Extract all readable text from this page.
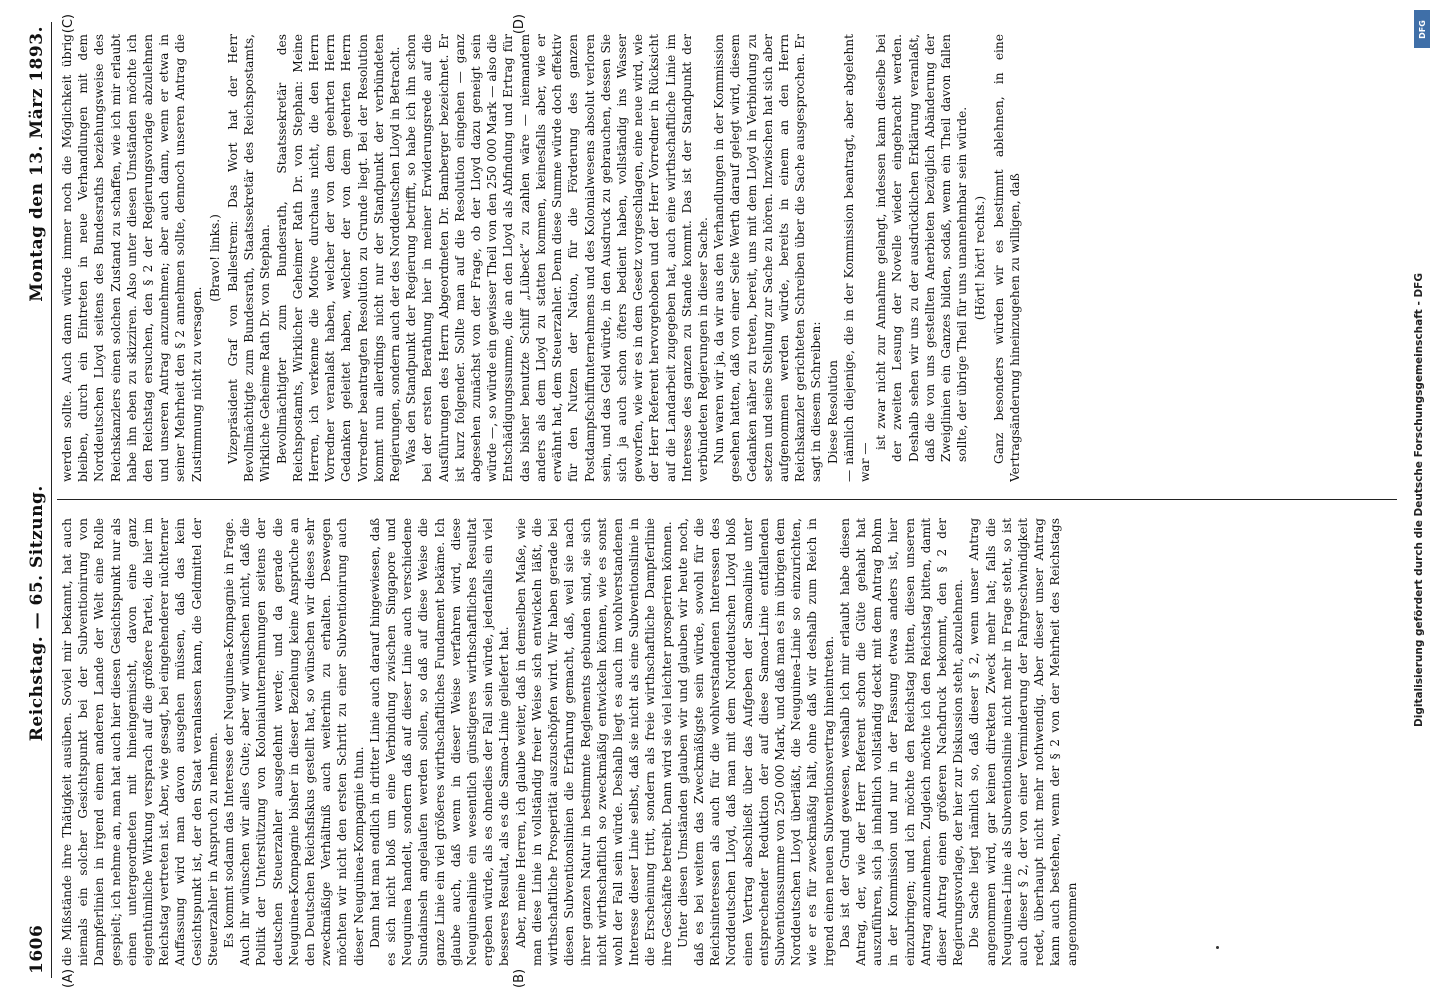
1606
Reichstag. — 65. Sitzung.
Montag den 13. März 1893.
(A)	(B)
(C)	(D)

die Mißstände ihre Thätigkeit ausüben. Soviel mir bekannt, hat auch niemals ein solcher Gesichtspunkt bei der Subventionirung von Dampferlinien in irgend einem anderen Lande der Welt eine Rolle gespielt; ich nehme an, man hat auch hier diesen Gesichtspunkt nur als einen untergeordneten mit hineingemischt, davon eine ganz eigenthümliche Wirkung versprach auf die größere Partei, die hier im Reichstag vertreten ist. Aber, wie gesagt, bei eingehenderer nüchterner Auffassung wird man davon ausgehen müssen, daß das kein Gesichtspunkt ist, der den Staat veranlassen kann, die Geldmittel der Steuerzahler in Anspruch zu nehmen. Es kommt sodann das Interesse der Neuguinea-Kompagnie in Frage. Auch ihr wünschen wir alles Gute; aber wir wünschen nicht, daß die Politik der Unterstützung von Kolonialunternehmungen seitens der deutschen Steuerzahler ausgedehnt werde; und da gerade die Neuguinea-Kompagnie bisher in dieser Beziehung keine Ansprüche an den Deutschen Reichsfiskus gestellt hat, so wünschen wir dieses sehr zweckmäßige Verhältniß auch weiterhin zu erhalten. Deswegen möchten wir nicht den ersten Schritt zu einer Subventionirung auch dieser Neuguinea-Kompagnie thun. Dann hat man endlich in dritter Linie auch darauf hingewiesen, daß es sich nicht bloß um eine Verbindung zwischen Singapore und Neuguinea handelt, sondern daß auf dieser Linie auch verschiedene Sundainseln angelaufen werden sollen, so daß auf diese Weise die ganze Linie ein viel größeres wirthschaftliches Fundament bekäme. Ich glaube auch, daß wenn in dieser Weise verfahren wird, diese Neuguinealinie ein wesentlich günstigeres wirthschaftliches Resultat ergeben würde, als es ohnedies der Fall sein würde, jedenfalls ein viel besseres Resultat, als es die Samoa-Linie geliefert hat. Aber, meine Herren, ich glaube weiter, daß in demselben Maße, wie man diese Linie in vollständig freier Weise sich entwickeln läßt, die wirthschaftliche Prosperität auszuschöpfen wird. Wir haben gerade bei diesen Subventionslinien die Erfahrung gemacht, daß, weil sie nach ihrer ganzen Natur in bestimmte Reglements gebunden sind, sie sich nicht wirthschaftlich so zweckmäßig entwickeln können, wie es sonst wohl der Fall sein würde. Deshalb liegt es auch im wohlverstandenen Interesse dieser Linie selbst, daß sie nicht als eine Subventionslinie in die Erscheinung tritt, sondern als freie wirthschaftliche Dampferlinie ihre Geschäfte betreibt. Dann wird sie viel leichter prosperiren können. Unter diesen Umständen glauben wir und glauben wir heute noch, daß es bei weitem das Zweckmäßigste sein würde, sowohl für die Reichsinteressen als auch für die wohlverstandenen Interessen des Norddeutschen Lloyd, daß man mit dem Norddeutschen Lloyd bloß einen Vertrag abschließt über das Aufgeben der Samoalinie unter entsprechender Reduktion der auf diese Samoa-Linie entfallenden Subventionssumme von 250 000 Mark, und daß man es im übrigen dem Norddeutschen Lloyd überläßt, die Neuguinea-Linie so einzurichten, wie er es für zweckmäßig hält, ohne daß wir deshalb zum Reich in irgend einen neuen Subventionsvertrag hineintreten. Das ist der Grund gewesen, weshalb ich mir erlaubt habe diesen Antrag, der, wie der Herr Referent schon die Güte gehabt hat auszuführen, sich ja inhaltlich vollständig deckt mit dem Antrag Bohm in der Kommission und nur in der Fassung etwas anders ist, hier einzubringen; und ich möchte den Reichstag bitten, diesen unseren Antrag anzunehmen. Zugleich möchte ich den Reichstag bitten, damit dieser Antrag einen größeren Nachdruck bekommt, den § 2 der Regierungsvorlage, der hier zur Diskussion steht, abzulehnen. Die Sache liegt nämlich so, daß dieser § 2, wenn unser Antrag angenommen wird, gar keinen direkten Zweck mehr hat; falls die Neuguinea-Linie als Subventionslinie nicht mehr in Frage steht, so ist auch dieser § 2, der von einer Verminderung der Fahrgeschwindigkeit redet, überhaupt nicht mehr nothwendig. Aber dieser unser Antrag kann auch bestehen, wenn der § 2 von der Mehrheit des Reichstags angenommen

werden sollte. Auch dann würde immer noch die Möglichkeit übrig bleiben, durch ein Eintreten in neue Verhandlungen mit dem Norddeutschen Lloyd seitens des Bundesraths beziehungsweise des Reichskanzlers einen solchen Zustand zu schaffen, wie ich mir erlaubt habe ihn eben zu skizziren. Also unter diesen Umständen möchte ich den Reichstag ersuchen, den § 2 der Regierungsvorlage abzulehnen und unseren Antrag anzunehmen; aber auch dann, wenn er etwa in seiner Mehrheit den § 2 annehmen sollte, dennoch unseren Antrag die Zustimmung nicht zu versagen.

(Bravo! links.) Vizepräsident Graf von Ballestrem: Das Wort hat der Herr Bevollmächtigte zum Bundesrath, Staatssekretär des Reichspostamts, Wirkliche Geheime Rath Dr. von Stephan. Bevollmächtigter zum Bundesrath, Staatssekretär des Reichspostamts, Wirklicher Geheimer Rath Dr. von Stephan: Meine Herren, ich verkenne die Motive durchaus nicht, die den Herrn Vorredner veranlaßt haben, welcher der von dem geehrten Herrn Gedanken geleitet haben, welcher der von dem geehrten Herrn Vorredner beantragten Resolution zu Grunde liegt. Bei der Resolution kommt nun allerdings nicht nur der Standpunkt der verbündeten Regierungen, sondern auch der des Norddeutschen Lloyd in Betracht. Was den Standpunkt der Regierung betrifft, so habe ich ihn schon bei der ersten Berathung hier in meiner Erwiderungsrede auf die Ausführungen des Herrn Abgeordneten Dr. Bamberger bezeichnet. Er ist kurz folgender. Sollte man auf die Resolution eingehen — ganz abgesehen zunächst von der Frage, ob der Lloyd dazu geneigt sein würde —, so würde ein gewisser Theil von den 250 000 Mark — also die Entschädigungssumme, die an den Lloyd als Abfindung und Ertrag für das bisher benutzte Schiff „Lübeck“ zu zahlen wäre — niemandem anders als dem Lloyd zu statten kommen, keinesfalls aber, wie er erwähnt hat, dem Steuerzahler. Denn diese Summe würde doch effektiv für den Nutzen der Nation, für die Förderung des ganzen Postdampfschiffunternehmens und des Kolonialwesens absolut verloren sein, und das Geld würde, in den Ausdruck zu gebrauchen, dessen Sie sich ja auch schon öfters bedient haben, vollständig ins Wasser geworfen, wie wir es in dem Gesetz vorgeschlagen, eine neue wird, wie der Herr Referent hervorgehoben und der Herr Vorredner in Rücksicht auf die Landarbeit zugegeben hat, auch eine wirthschaftliche Linie im Interesse des ganzen zu Stande kommt. Das ist der Standpunkt der verbündeten Regierungen in dieser Sache. Nun waren wir ja, da wir aus den Verhandlungen in der Kommission gesehen hatten, daß von einer Seite Werth darauf gelegt wird, diesem Gedanken näher zu treten, bereit, uns mit dem Lloyd in Verbindung zu setzen und seine Stellung zur Sache zu hören. Inzwischen hat sich aber aufgenommen werden würde, bereits in einem an den Herrn Reichskanzler gerichteten Schreiben über die Sache ausgesprochen. Er sagt in diesem Schreiben: Diese Resolution — nämlich diejenige, die in der Kommission beantragt, aber abgelehnt war —

ist zwar nicht zur Annahme gelangt, indessen kann dieselbe bei der zweiten Lesung der Novelle wieder eingebracht werden. Deshalb sehen wir uns zu der ausdrücklichen Erklärung veranlaßt, daß die von uns gestellten Anerbieten bezüglich Abänderung der Zweiglinien ein Ganzes bilden, sodaß, wenn ein Theil davon fallen sollte, der übrige Theil für uns unannehmbar sein würde. (Hört! hört! rechts.) Ganz besonders würden wir es bestimmt ablehnen, in eine Vertragsänderung hineinzugehen zu willigen, daß	Digitalisierung gefördert durch die Deutsche Forschungsgemeinschaft - DFG
DFG
